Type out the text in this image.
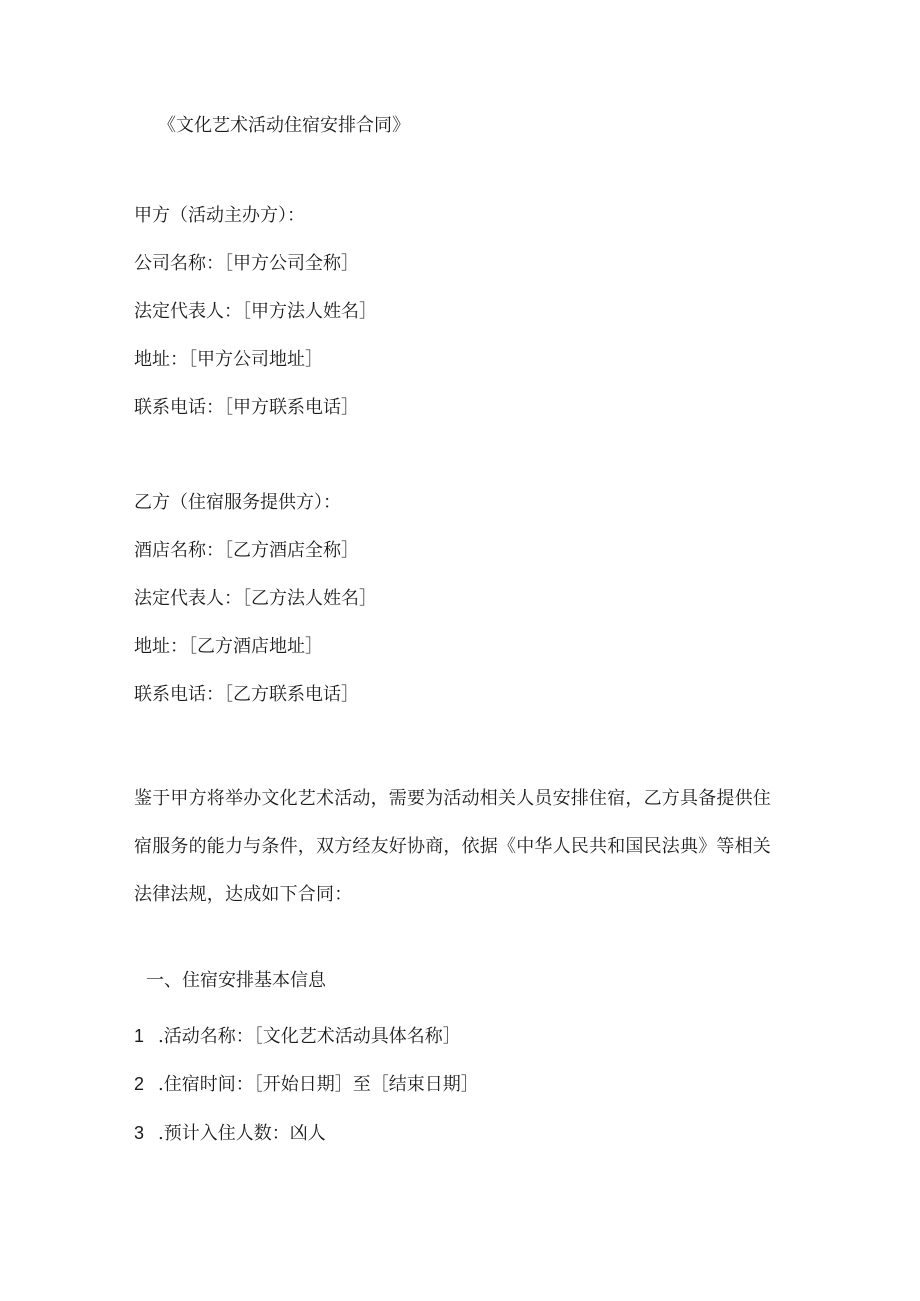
《文化艺术活动住宿安排合同》
甲方（活动主办方）：
公司名称：［甲方公司全称］
法定代表人：［甲方法人姓名］
地址：［甲方公司地址］
联系电话：［甲方联系电话］
乙方（住宿服务提供方）：
酒店名称：［乙方酒店全称］
法定代表人：［乙方法人姓名］
地址：［乙方酒店地址］
联系电话：［乙方联系电话］
鉴于甲方将举办文化艺术活动，需要为活动相关人员安排住宿，乙方具备提供住
宿服务的能力与条件，双方经友好协商，依据《中华人民共和国民法典》等相关
法律法规，达成如下合同：
一、住宿安排基本信息
1 .活动名称：［文化艺术活动具体名称］
2 .住宿时间：［开始日期］至［结束日期］
3 .预计入住人数：凶人
